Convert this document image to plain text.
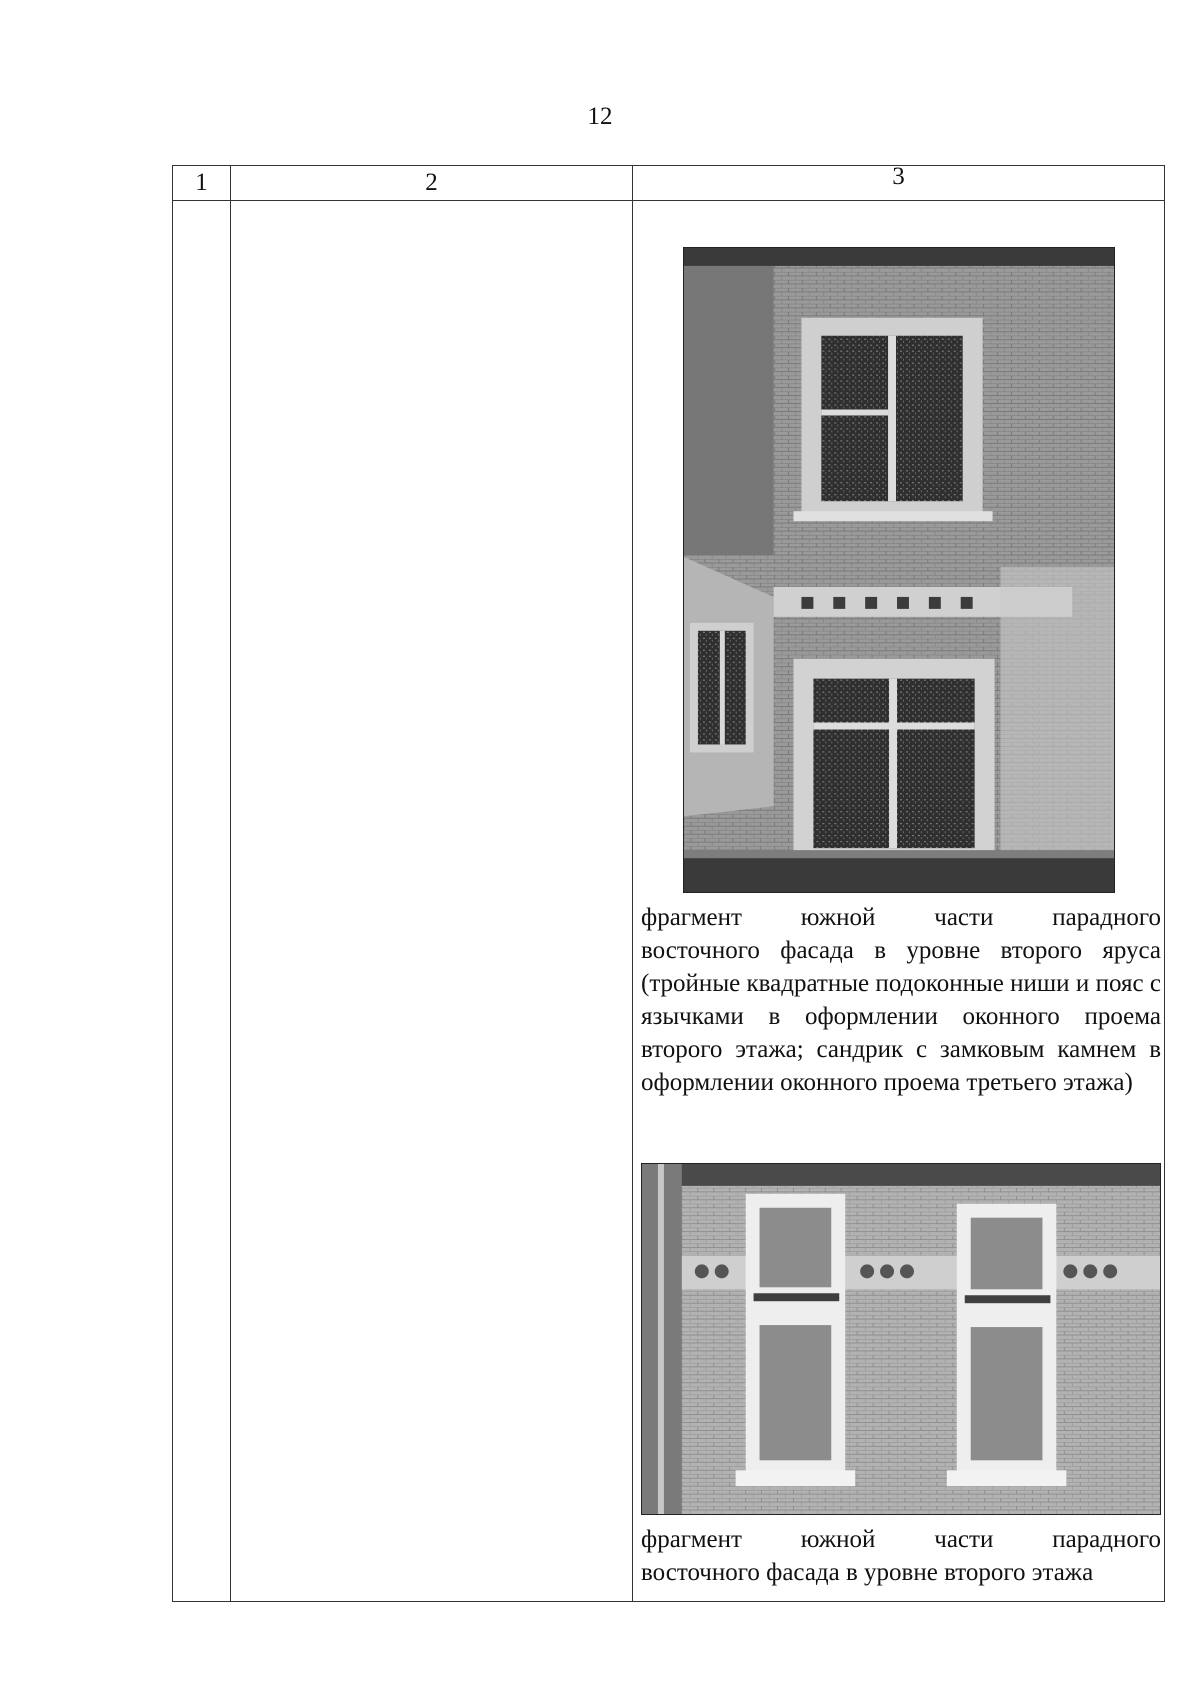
12
1	2	3
фрагмент южной части парадного
восточного фасада в уровне второго яруса (тройные квадратные подоконные ниши и пояс с язычками в оформлении оконного проема второго этажа; сандрик с замковым камнем в оформлении оконного проема третьего этажа)
фрагмент южной части парадного
восточного фасада в уровне второго этажа
